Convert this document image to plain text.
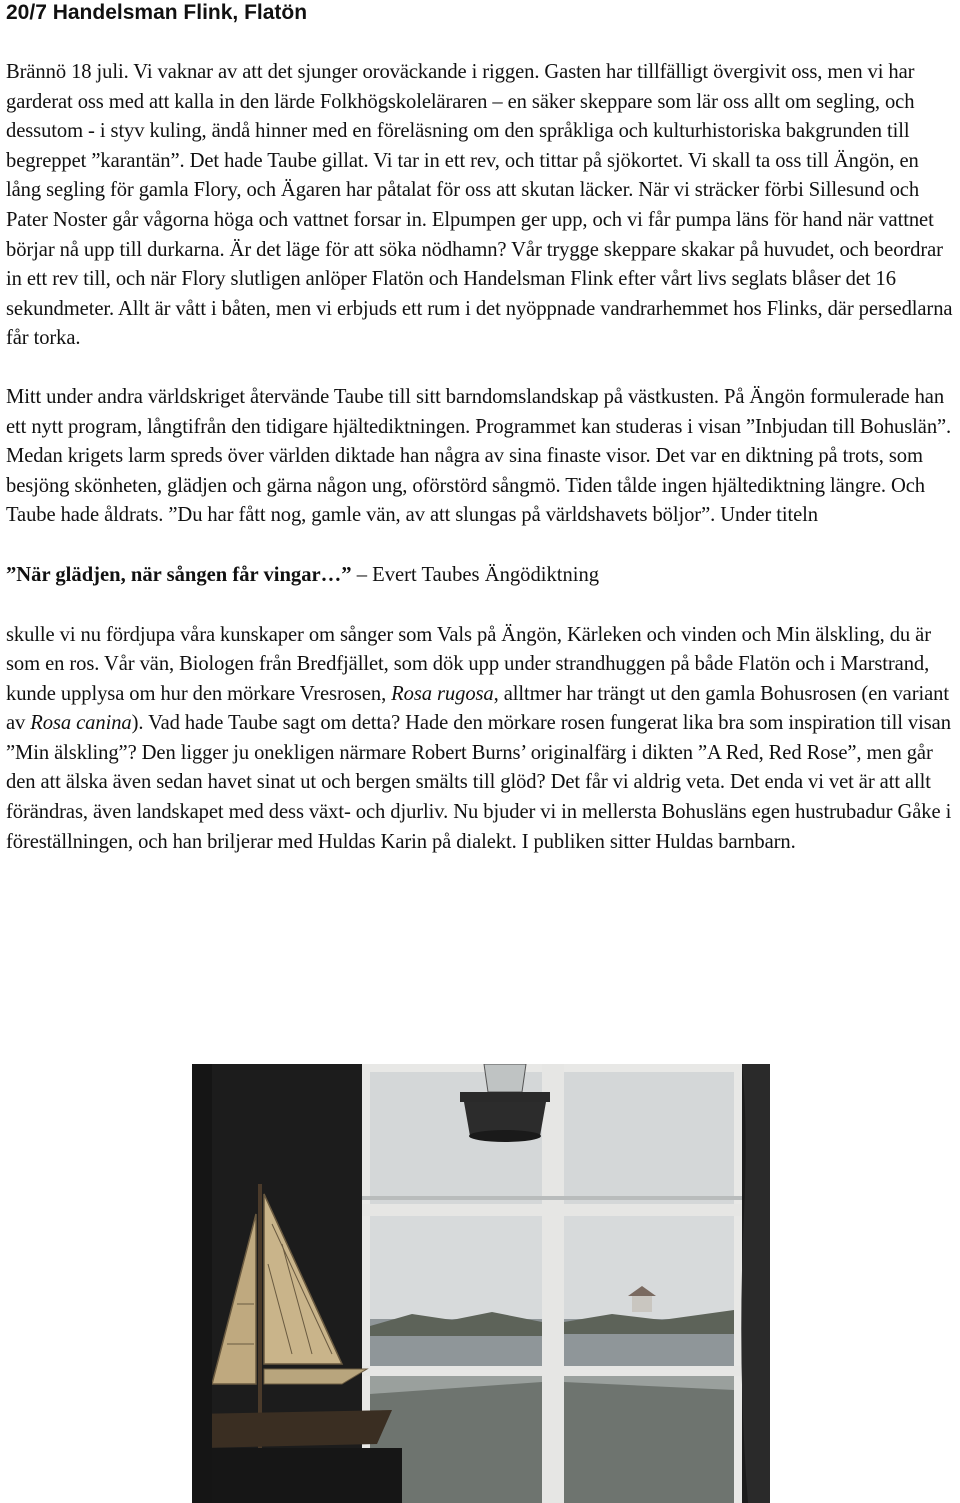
20/7 Handelsman Flink, Flatön

Brännö 18 juli. Vi vaknar av att det sjunger oroväckande i riggen. Gasten har tillfälligt övergivit oss, men vi har garderat oss med att kalla in den lärde Folkhögskoleläraren – en säker skeppare som lär oss allt om segling, och dessutom - i styv kuling, ändå hinner med en föreläsning om den språkliga och kulturhistoriska bakgrunden till begreppet ”karantän”. Det hade Taube gillat. Vi tar in ett rev, och tittar på sjökortet. Vi skall ta oss till Ängön, en lång segling för gamla Flory, och Ägaren har påtalat för oss att skutan läcker. När vi sträcker förbi Sillesund och Pater Noster går vågorna höga och vattnet forsar in. Elpumpen ger upp, och vi får pumpa läns för hand när vattnet börjar nå upp till durkarna. Är det läge för att söka nödhamn? Vår trygge skeppare skakar på huvudet, och beordrar in ett rev till, och när Flory slutligen anlöper Flatön och Handelsman Flink efter vårt livs seglats blåser det 16 sekundmeter. Allt är vått i båten, men vi erbjuds ett rum i det nyöppnade vandrarhemmet hos Flinks, där persedlarna får torka.

Mitt under andra världskriget återvände Taube till sitt barndomslandskap på västkusten. På Ängön formulerade han ett nytt program, långtifrån den tidigare hjältediktningen. Programmet kan studeras i visan ”Inbjudan till Bohuslän”. Medan krigets larm spreds över världen diktade han några av sina finaste visor. Det var en diktning på trots, som besjöng skönheten, glädjen och gärna någon ung, oförstörd sångmö. Tiden tålde ingen hjältediktning längre. Och Taube hade åldrats. ”Du har fått nog, gamle vän, av att slungas på världshavets böljor”. Under titeln

”När glädjen, när sången får vingar…” – Evert Taubes Ängödiktning

skulle vi nu fördjupa våra kunskaper om sånger som Vals på Ängön, Kärleken och vinden och Min älskling, du är som en ros. Vår vän, Biologen från Bredfjället, som dök upp under strandhuggen på både Flatön och i Marstrand, kunde upplysa om hur den mörkare Vresrosen, Rosa rugosa, alltmer har trängt ut den gamla Bohusrosen (en variant av Rosa canina). Vad hade Taube sagt om detta? Hade den mörkare rosen fungerat lika bra som inspiration till visan ”Min älskling”? Den ligger ju onekligen närmare Robert Burns’ originalfärg i dikten ”A Red, Red Rose”, men går den att älska även sedan havet sinat ut och bergen smälts till glöd? Det får vi aldrig veta. Det enda vi vet är att allt förändras, även landskapet med dess växt- och djurliv. Nu bjuder vi in mellersta Bohusläns egen hustrubadur Gåke i föreställningen, och han briljerar med Huldas Karin på dialekt. I publiken sitter Huldas barnbarn.
